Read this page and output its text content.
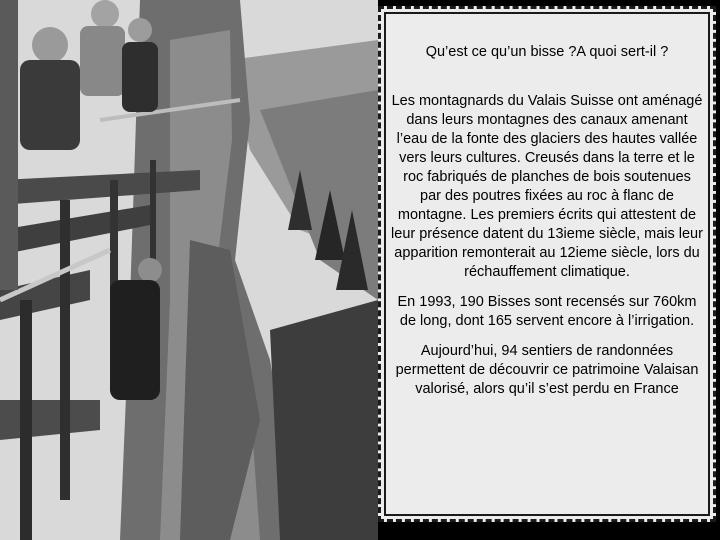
Qu’est ce qu’un bisse ?A quoi sert-il ?

Les montagnards du Valais Suisse ont aménagé dans leurs montagnes des canaux amenant l’eau de la fonte des glaciers des hautes vallée vers leurs cultures. Creusés dans la terre et le roc fabriqués de planches de bois soutenues par des poutres fixées au roc à flanc de montagne. Les premiers écrits qui attestent de leur présence datent du 13ieme siècle, mais leur apparition remonterait au 12ieme siècle, lors du réchauffement climatique.

En 1993, 190 Bisses sont recensés sur 760km de long, dont 165 servent encore à l’irrigation.

Aujourd’hui, 94 sentiers de randonnées permettent de découvrir ce patrimoine Valaisan valorisé, alors qu’il s’est perdu en France
